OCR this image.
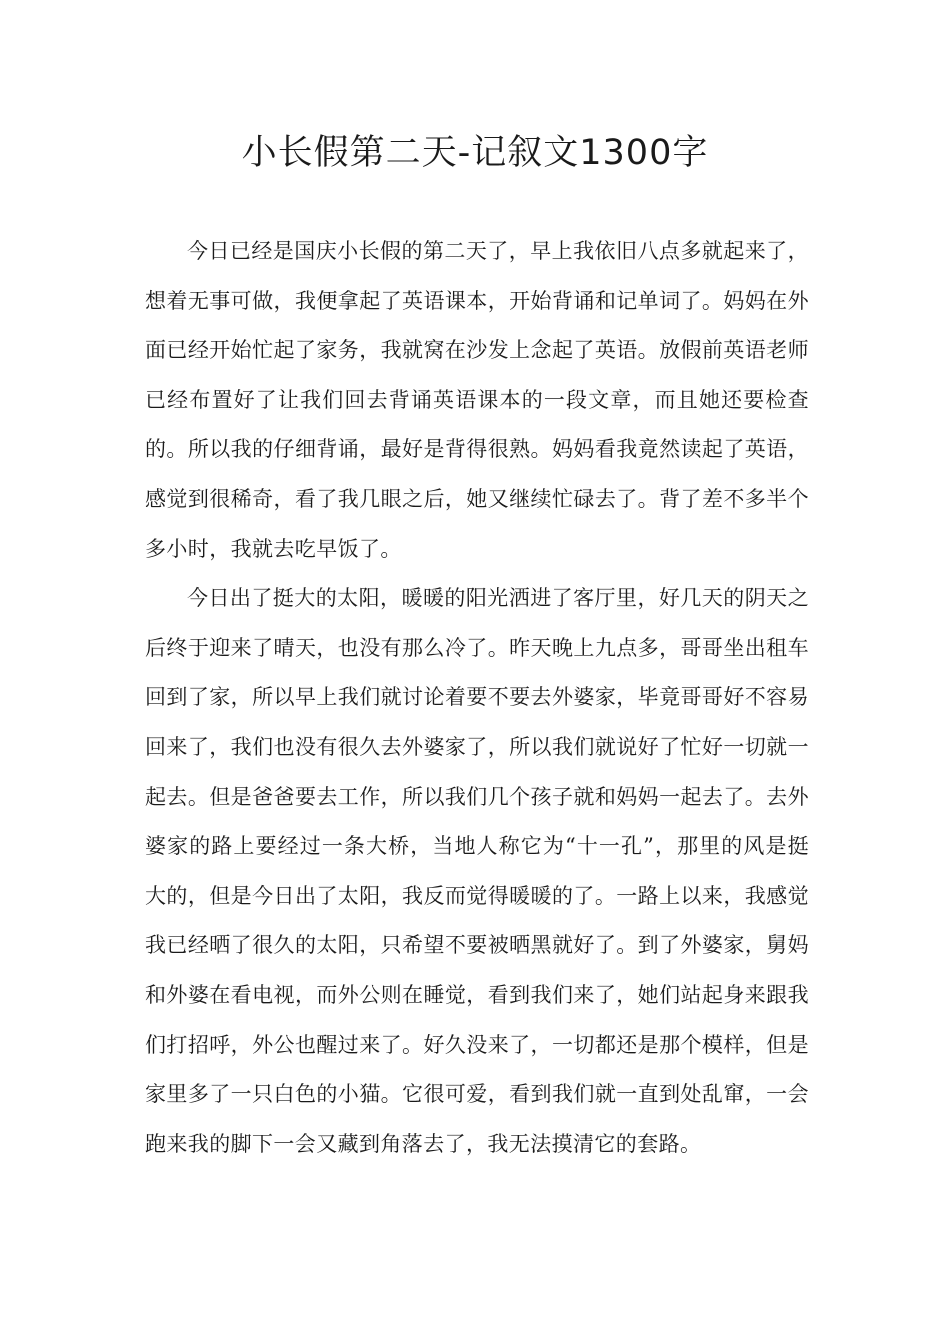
小长假第二天-记叙文1300字

今日已经是国庆小长假的第二天了，早上我依旧八点多就起来了，想着无事可做，我便拿起了英语课本，开始背诵和记单词了。妈妈在外面已经开始忙起了家务，我就窝在沙发上念起了英语。放假前英语老师已经布置好了让我们回去背诵英语课本的一段文章，而且她还要检查的。所以我的仔细背诵，最好是背得很熟。妈妈看我竟然读起了英语，感觉到很稀奇，看了我几眼之后，她又继续忙碌去了。背了差不多半个多小时，我就去吃早饭了。

今日出了挺大的太阳，暖暖的阳光洒进了客厅里，好几天的阴天之后终于迎来了晴天，也没有那么冷了。昨天晚上九点多，哥哥坐出租车回到了家，所以早上我们就讨论着要不要去外婆家，毕竟哥哥好不容易回来了，我们也没有很久去外婆家了，所以我们就说好了忙好一切就一起去。但是爸爸要去工作，所以我们几个孩子就和妈妈一起去了。去外婆家的路上要经过一条大桥，当地人称它为“十一孔”，那里的风是挺大的，但是今日出了太阳，我反而觉得暖暖的了。一路上以来，我感觉我已经晒了很久的太阳，只希望不要被晒黑就好了。到了外婆家，舅妈和外婆在看电视，而外公则在睡觉，看到我们来了，她们站起身来跟我们打招呼，外公也醒过来了。好久没来了，一切都还是那个模样，但是家里多了一只白色的小猫。它很可爱，看到我们就一直到处乱窜，一会跑来我的脚下一会又藏到角落去了，我无法摸清它的套路。
